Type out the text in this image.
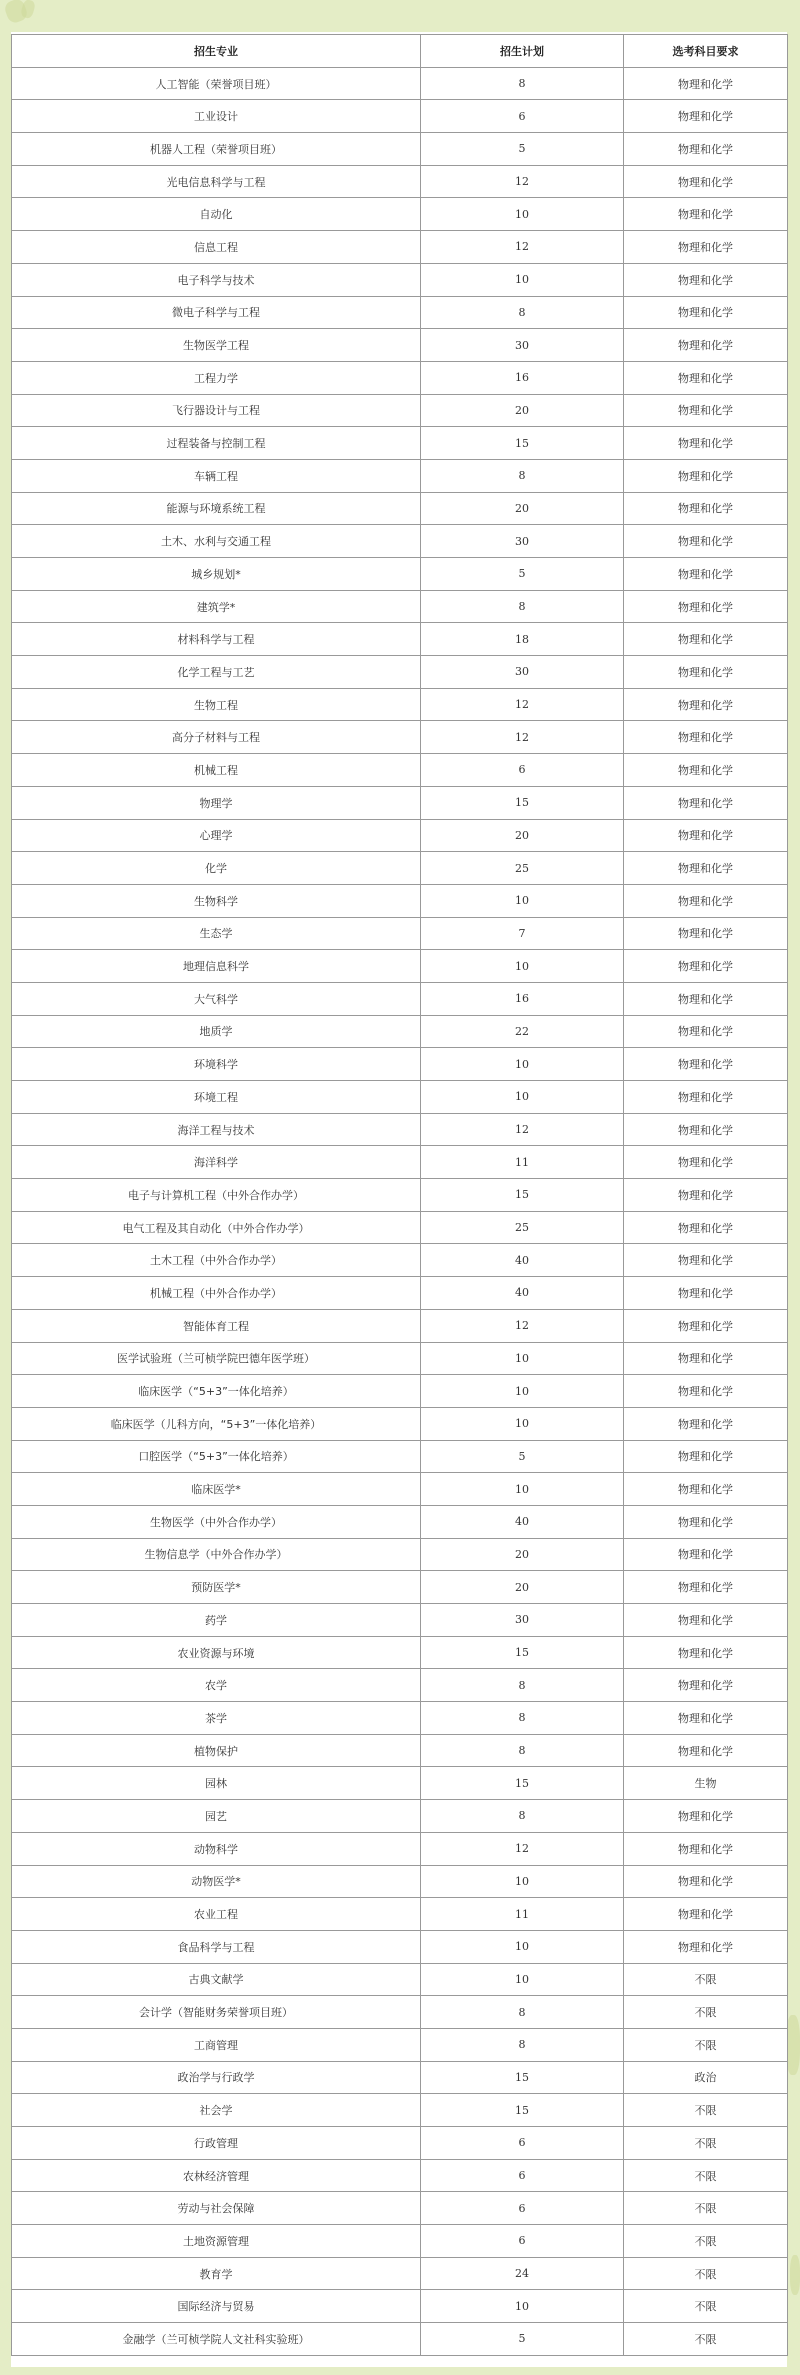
招生专业	招生计划	选考科目要求
人工智能（荣誉项目班）	8	物理和化学
工业设计	6	物理和化学
机器人工程（荣誉项目班）	5	物理和化学
光电信息科学与工程	12	物理和化学
自动化	10	物理和化学
信息工程	12	物理和化学
电子科学与技术	10	物理和化学
微电子科学与工程	8	物理和化学
生物医学工程	30	物理和化学
工程力学	16	物理和化学
飞行器设计与工程	20	物理和化学
过程装备与控制工程	15	物理和化学
车辆工程	8	物理和化学
能源与环境系统工程	20	物理和化学
土木、水利与交通工程	30	物理和化学
城乡规划*	5	物理和化学
建筑学*	8	物理和化学
材料科学与工程	18	物理和化学
化学工程与工艺	30	物理和化学
生物工程	12	物理和化学
高分子材料与工程	12	物理和化学
机械工程	6	物理和化学
物理学	15	物理和化学
心理学	20	物理和化学
化学	25	物理和化学
生物科学	10	物理和化学
生态学	7	物理和化学
地理信息科学	10	物理和化学
大气科学	16	物理和化学
地质学	22	物理和化学
环境科学	10	物理和化学
环境工程	10	物理和化学
海洋工程与技术	12	物理和化学
海洋科学	11	物理和化学
电子与计算机工程（中外合作办学）	15	物理和化学
电气工程及其自动化（中外合作办学）	25	物理和化学
土木工程（中外合作办学）	40	物理和化学
机械工程（中外合作办学）	40	物理和化学
智能体育工程	12	物理和化学
医学试验班（兰可桢学院巴德年医学班）	10	物理和化学
临床医学（“5+3”一体化培养）	10	物理和化学
临床医学（儿科方向，“5+3”一体化培养）	10	物理和化学
口腔医学（“5+3”一体化培养）	5	物理和化学
临床医学*	10	物理和化学
生物医学（中外合作办学）	40	物理和化学
生物信息学（中外合作办学）	20	物理和化学
预防医学*	20	物理和化学
药学	30	物理和化学
农业资源与环境	15	物理和化学
农学	8	物理和化学
茶学	8	物理和化学
植物保护	8	物理和化学
园林	15	生物
园艺	8	物理和化学
动物科学	12	物理和化学
动物医学*	10	物理和化学
农业工程	11	物理和化学
食品科学与工程	10	物理和化学
古典文献学	10	不限
会计学（智能财务荣誉项目班）	8	不限
工商管理	8	不限
政治学与行政学	15	政治
社会学	15	不限
行政管理	6	不限
农林经济管理	6	不限
劳动与社会保障	6	不限
土地资源管理	6	不限
教育学	24	不限
国际经济与贸易	10	不限
金融学（兰可桢学院人文社科实验班）	5	不限
